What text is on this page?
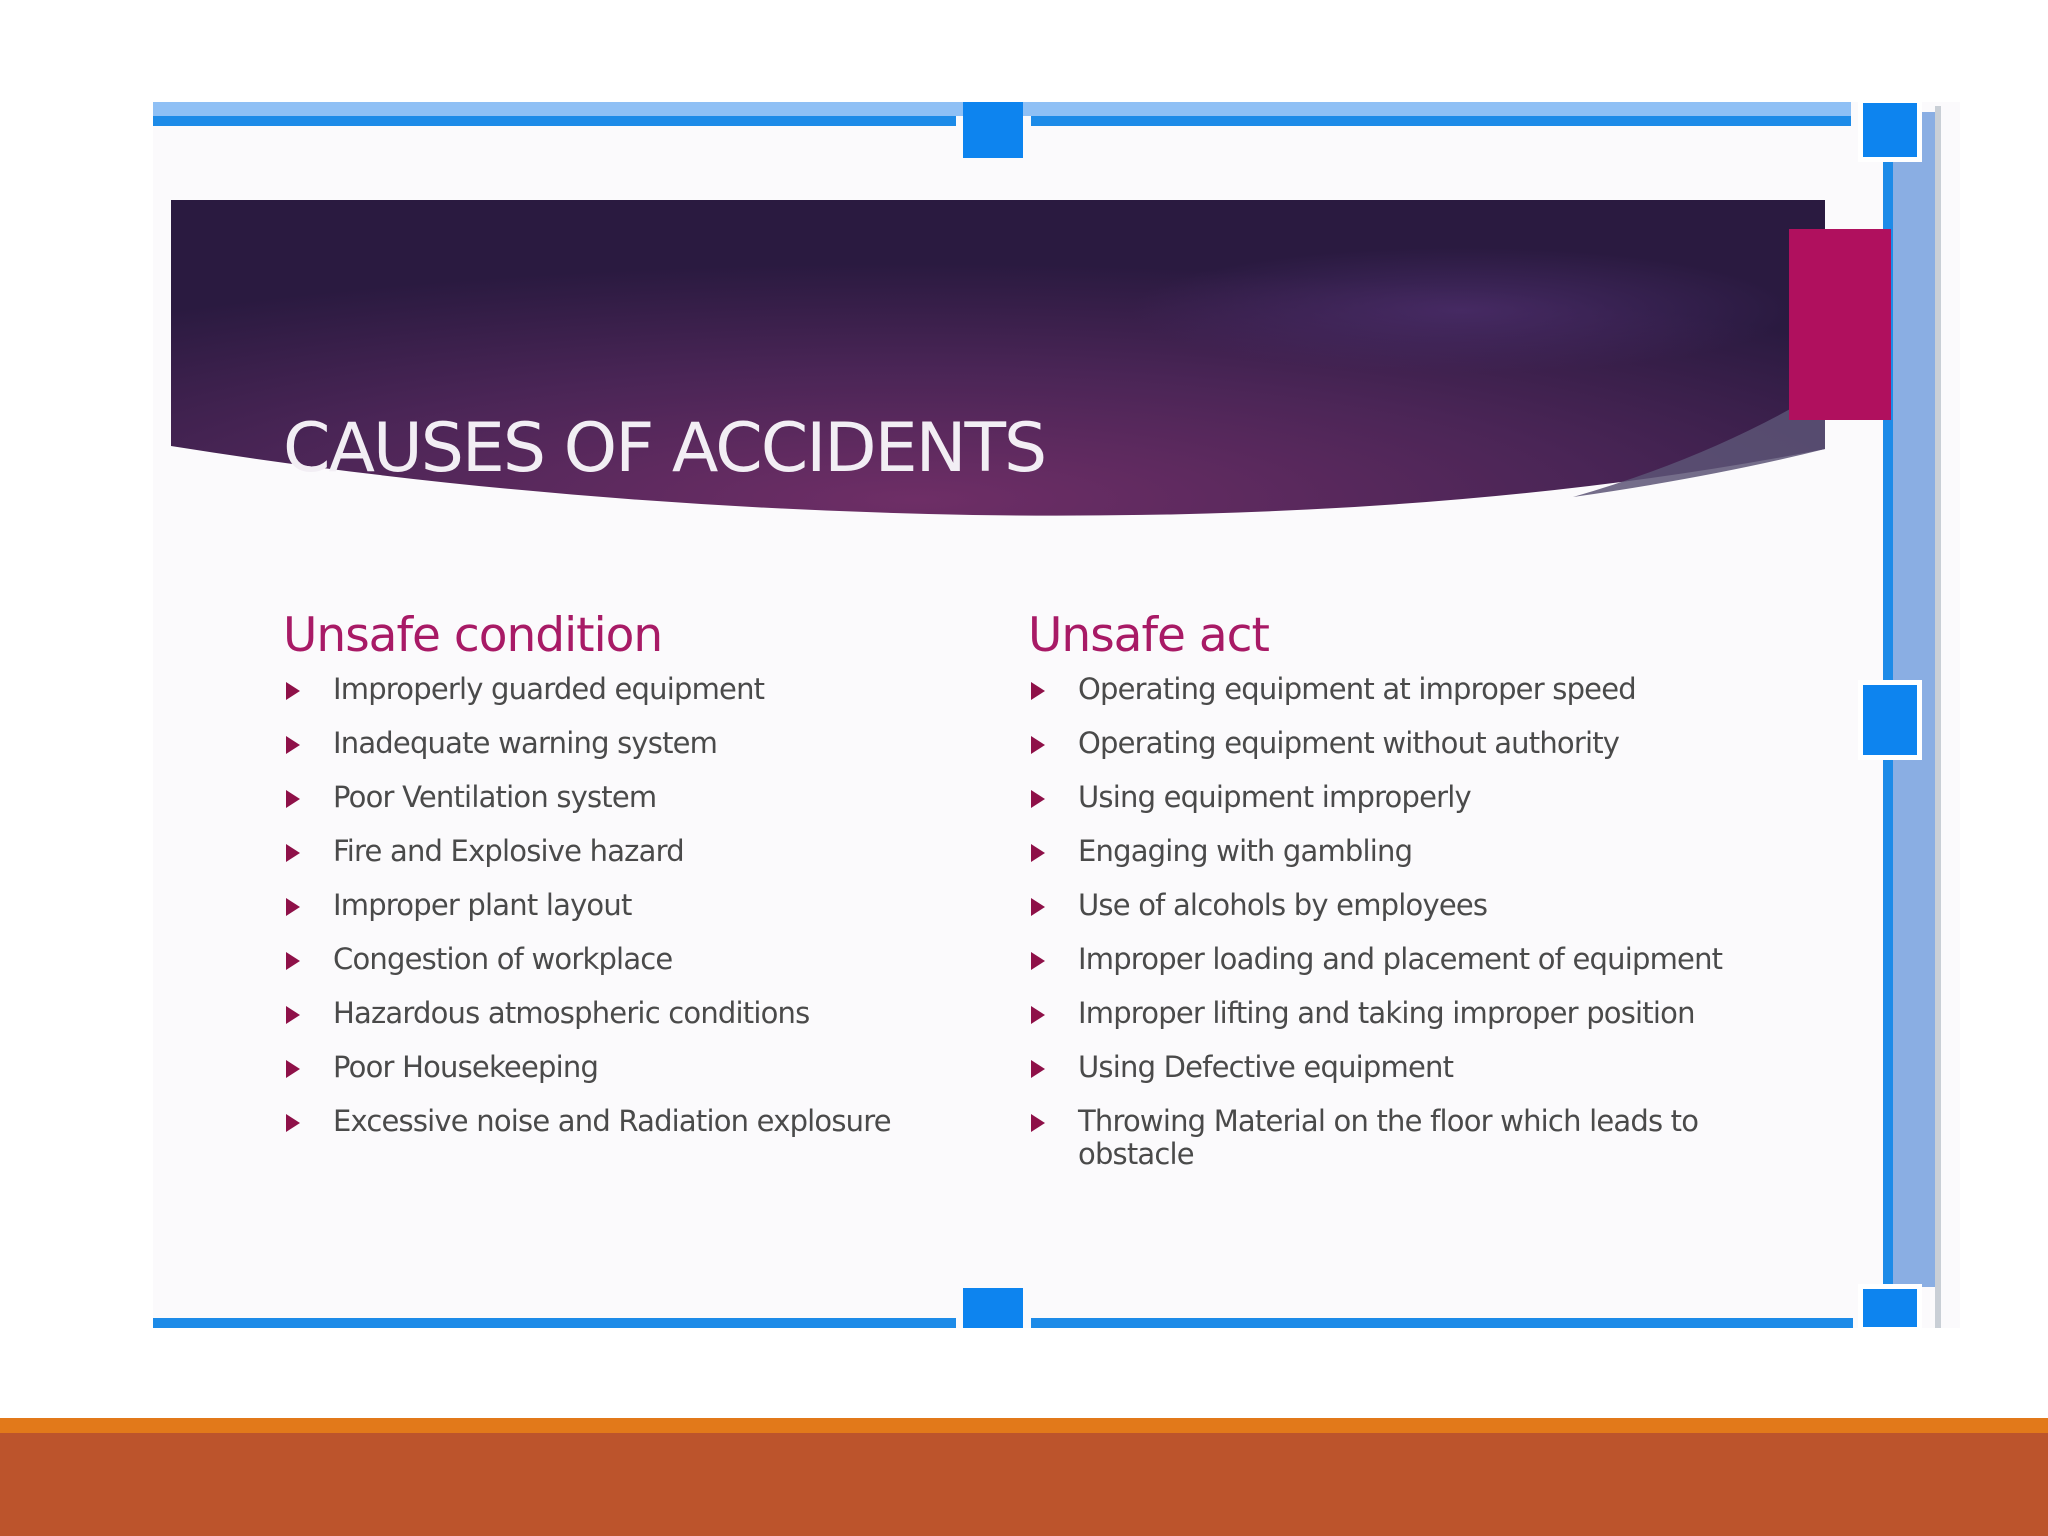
CAUSES OF ACCIDENTS
Unsafe condition
Improperly guarded equipment
Inadequate warning system
Poor Ventilation system
Fire and Explosive hazard
Improper plant layout
Congestion of workplace
Hazardous atmospheric conditions
Poor Housekeeping
Excessive noise and Radiation explosure
Unsafe act
Operating equipment at improper speed
Operating equipment without authority
Using equipment improperly
Engaging with gambling
Use of alcohols by employees
Improper loading and placement of equipment
Improper lifting and taking improper position
Using Defective equipment
Throwing Material on the floor which leads to obstacle
